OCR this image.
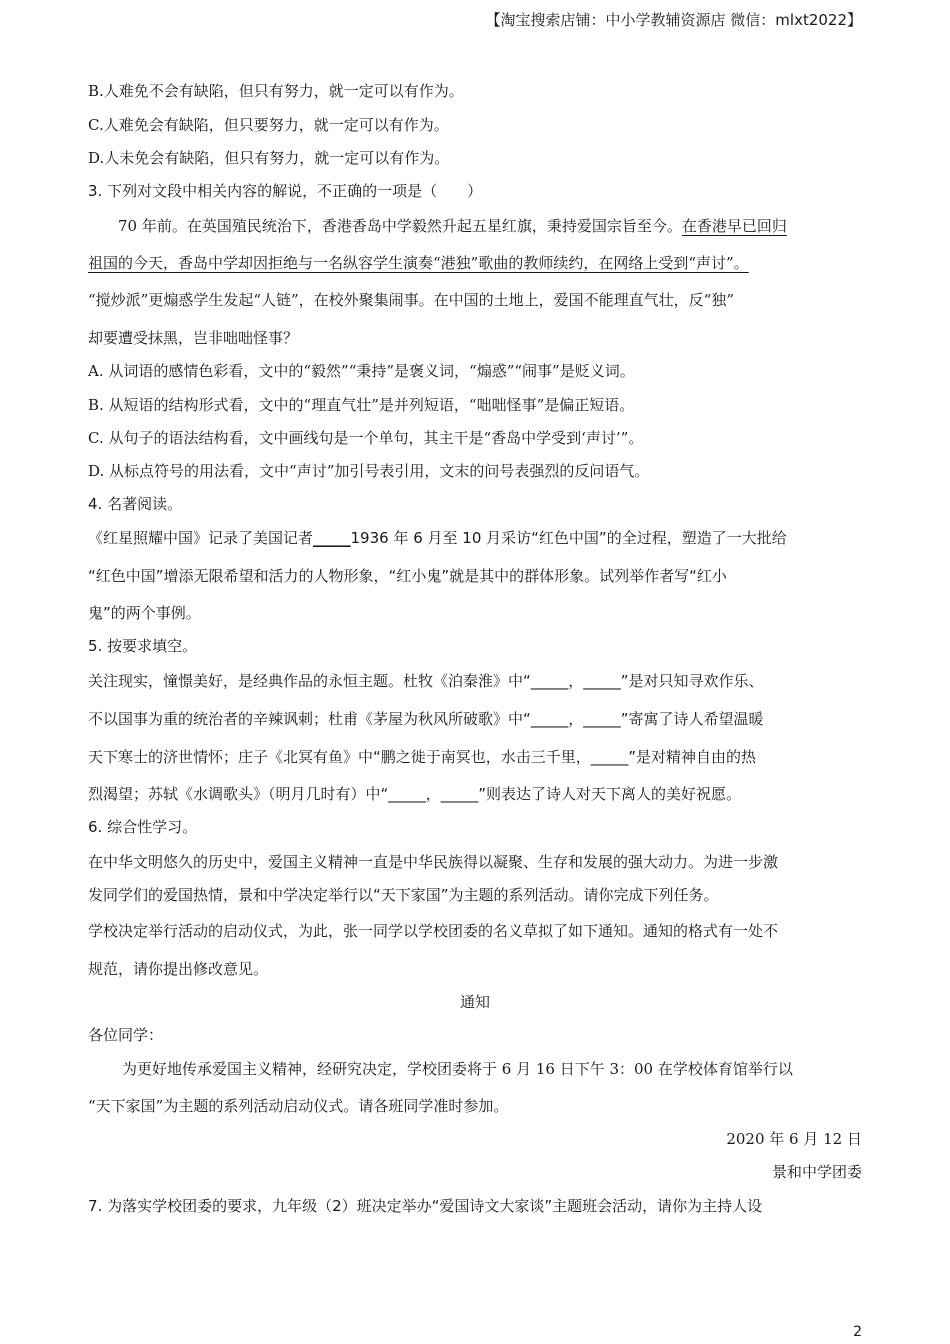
【淘宝搜索店铺：中小学教辅资源店 微信：mlxt2022】
B.人难免不会有缺陷，但只有努力，就一定可以有作为。
C.人难免会有缺陷，但只要努力，就一定可以有作为。
D.人未免会有缺陷，但只有努力，就一定可以有作为。
3. 下列对文段中相关内容的解说，不正确的一项是（　　）
70 年前。在英国殖民统治下，香港香岛中学毅然升起五星红旗，秉持爱国宗旨至今。在香港早已回归
祖国的今天，香岛中学却因拒绝与一名纵容学生演奏“港独”歌曲的教师续约，在网络上受到“声讨”。
“搅炒派”更煽惑学生发起“人链”，在校外聚集闹事。在中国的土地上，爱国不能理直气壮，反“独”
却要遭受抹黑，岂非咄咄怪事？
A. 从词语的感情色彩看，文中的“毅然”“秉持”是褒义词，“煽惑”“闹事”是贬义词。
B. 从短语的结构形式看，文中的“理直气壮”是并列短语，“咄咄怪事”是偏正短语。
C. 从句子的语法结构看，文中画线句是一个单句，其主干是“香岛中学受到‘声讨’”。
D. 从标点符号的用法看，文中“声讨”加引号表引用，文末的问号表强烈的反问语气。
4. 名著阅读。
《红星照耀中国》记录了美国记者_____1936 年 6 月至 10 月采访“红色中国”的全过程，塑造了一大批给
“红色中国”增添无限希望和活力的人物形象，“红小鬼”就是其中的群体形象。试列举作者写“红小
鬼”的两个事例。
5. 按要求填空。
关注现实，憧憬美好，是经典作品的永恒主题。杜牧《泊秦淮》中“_____，_____”是对只知寻欢作乐、
不以国事为重的统治者的辛辣讽刺；杜甫《茅屋为秋风所破歌》中“_____，_____”寄寓了诗人希望温暖
天下寒士的济世情怀；庄子《北冥有鱼》中“鹏之徙于南冥也，水击三千里，_____”是对精神自由的热
烈渴望；苏轼《水调歌头》（明月几时有）中“_____，_____”则表达了诗人对天下离人的美好祝愿。
6. 综合性学习。
在中华文明悠久的历史中，爱国主义精神一直是中华民族得以凝聚、生存和发展的强大动力。为进一步激
发同学们的爱国热情，景和中学决定举行以“天下家国”为主题的系列活动。请你完成下列任务。
学校决定举行活动的启动仪式，为此，张一同学以学校团委的名义草拟了如下通知。通知的格式有一处不
规范，请你提出修改意见。
通知
各位同学：
为更好地传承爱国主义精神，经研究决定，学校团委将于 6 月 16 日下午 3：00 在学校体育馆举行以
“天下家国”为主题的系列活动启动仪式。请各班同学准时参加。
2020 年 6 月 12 日
景和中学团委
7. 为落实学校团委的要求，九年级（2）班决定举办“爱国诗文大家谈”主题班会活动，请你为主持人设
2
